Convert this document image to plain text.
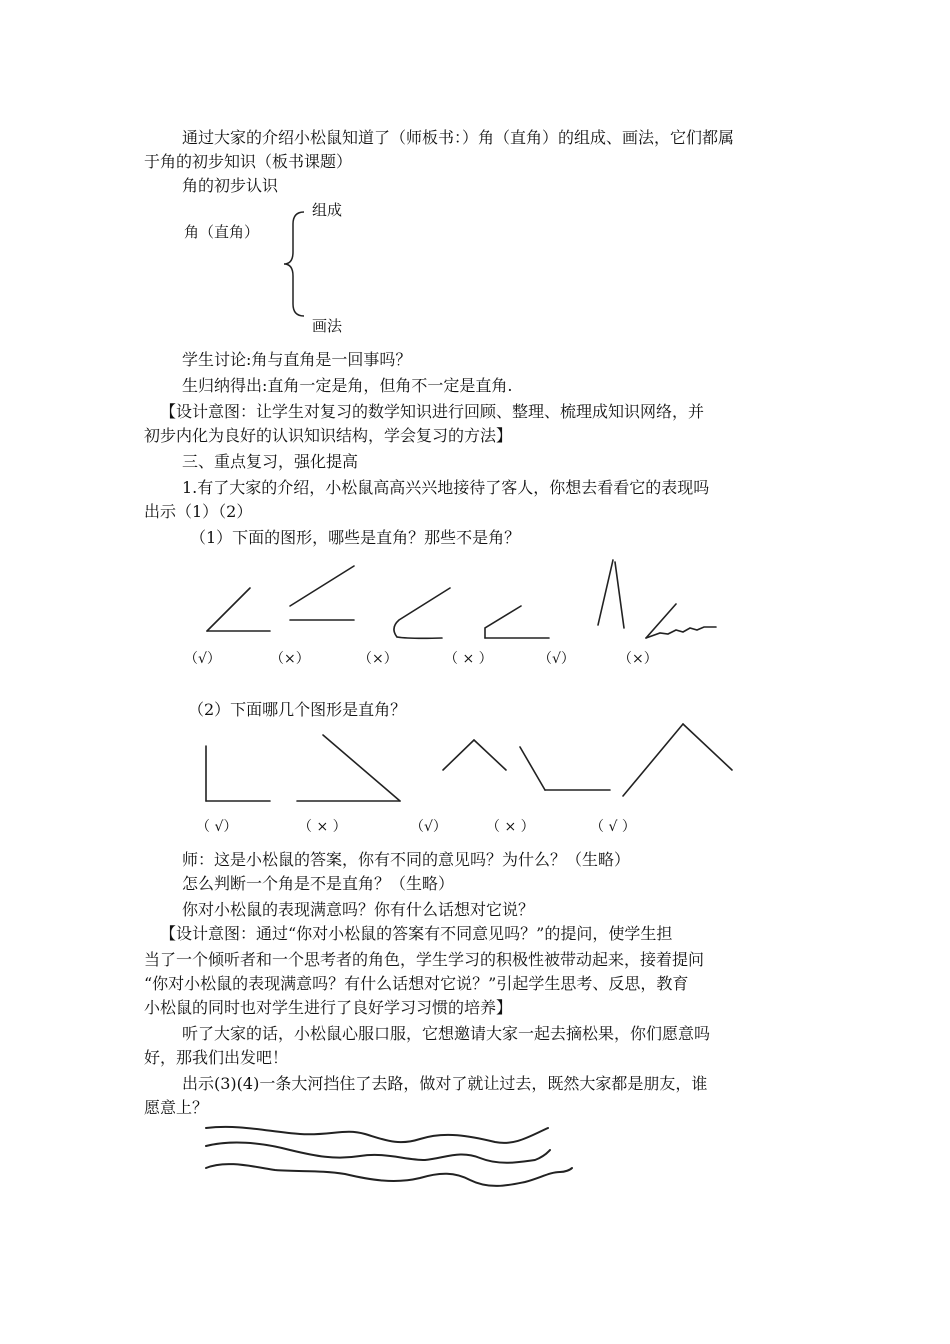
通过大家的介绍小松鼠知道了（师板书：）角（直角）的组成、画法，它们都属
于角的初步知识（板书课题）
角的初步认识
角（直角）
组成
画法
学生讨论:角与直角是一回事吗？
生归纳得出:直角一定是角，但角不一定是直角.
【设计意图：让学生对复习的数学知识进行回顾、整理、梳理成知识网络，并
初步内化为良好的认识知识结构，学会复习的方法】
三、重点复习，强化提高
1.有了大家的介绍，小松鼠高高兴兴地接待了客人，你想去看看它的表现吗
出示（1）（2）
（1）下面的图形，哪些是直角？那些不是角？
（√）	（×）	（×）	（ × ）	（√）	（×）
（2）下面哪几个图形是直角？
（ √）	（ × ）	（√）	（ × ）	（ √ ）
师：这是小松鼠的答案，你有不同的意见吗？为什么？（生略）
怎么判断一个角是不是直角？（生略）
你对小松鼠的表现满意吗？你有什么话想对它说？
【设计意图：通过“你对小松鼠的答案有不同意见吗？”的提问，使学生担
当了一个倾听者和一个思考者的角色，学生学习的积极性被带动起来，接着提问
“你对小松鼠的表现满意吗？有什么话想对它说？”引起学生思考、反思，教育
小松鼠的同时也对学生进行了良好学习习惯的培养】
听了大家的话，小松鼠心服口服，它想邀请大家一起去摘松果，你们愿意吗
好，那我们出发吧！
出示(3)(4)一条大河挡住了去路，做对了就让过去，既然大家都是朋友，谁
愿意上？
